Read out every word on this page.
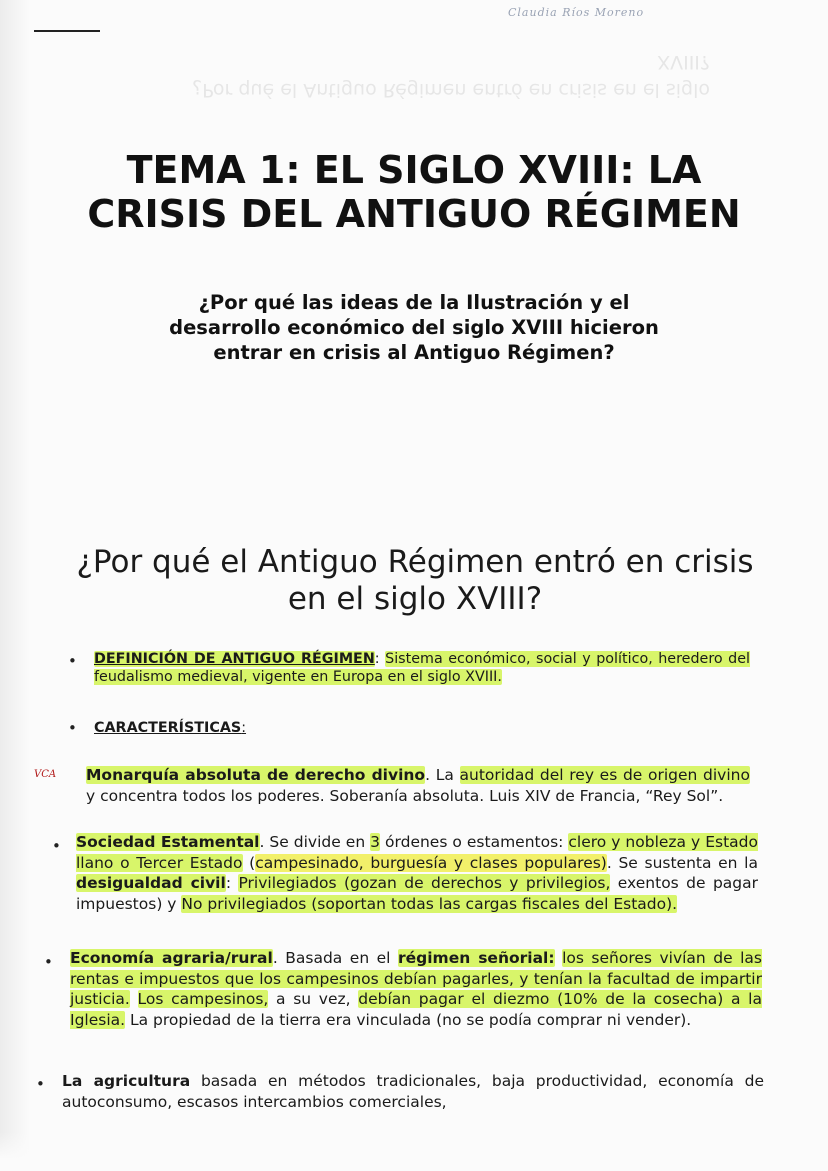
Claudia Ríos Moreno
¿Por qué el Antiguo Régimen entró en crisis en el siglo XVIII?
TEMA 1: EL SIGLO XVIII: LA CRISIS DEL ANTIGUO RÉGIMEN
¿Por qué las ideas de la Ilustración y el desarrollo económico del siglo XVIII hicieron entrar en crisis al Antiguo Régimen?
¿Por qué el Antiguo Régimen entró en crisis en el siglo XVIII?
• DEFINICIÓN DE ANTIGUO RÉGIMEN: Sistema económico, social y político, heredero del feudalismo medieval, vigente en Europa en el siglo XVIII.
• CARACTERÍSTICAS:
VCA Monarquía absoluta de derecho divino. La autoridad del rey es de origen divino y concentra todos los poderes. Soberanía absoluta. Luis XIV de Francia, “Rey Sol”.
• Sociedad Estamental. Se divide en 3 órdenes o estamentos: clero y nobleza y Estado llano o Tercer Estado (campesinado, burguesía y clases populares). Se sustenta en la desigualdad civil: Privilegiados (gozan de derechos y privilegios, exentos de pagar impuestos) y No privilegiados (soportan todas las cargas fiscales del Estado).
• Economía agraria/rural. Basada en el régimen señorial: los señores vivían de las rentas e impuestos que los campesinos debían pagarles, y tenían la facultad de impartir justicia. Los campesinos, a su vez, debían pagar el diezmo (10% de la cosecha) a la Iglesia. La propiedad de la tierra era vinculada (no se podía comprar ni vender).
• La agricultura basada en métodos tradicionales, baja productividad, economía de autoconsumo, escasos intercambios comerciales,
